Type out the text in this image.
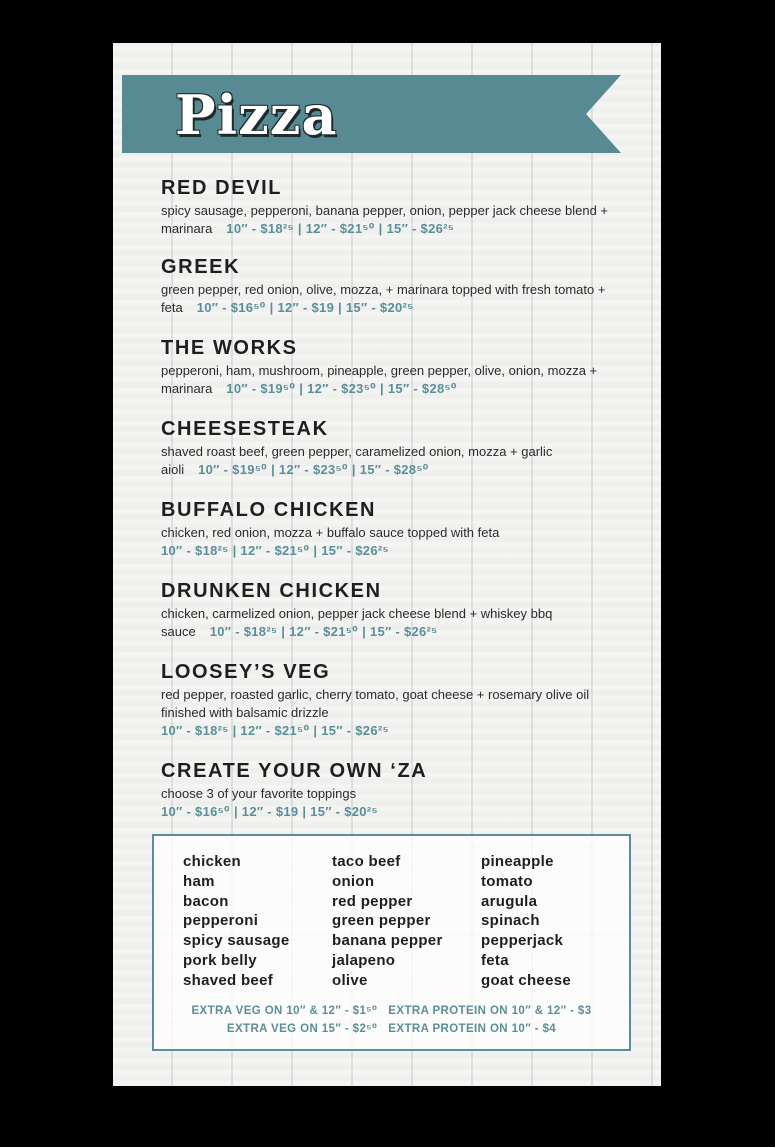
Pizza
RED DEVIL
spicy sausage, pepperoni, banana pepper, onion, pepper jack cheese blend + marinara 10″ - $18²⁵ | 12″ - $21⁵⁰ | 15″ - $26²⁵
GREEK
green pepper, red onion, olive, mozza, + marinara topped with fresh tomato + feta 10″ - $16⁵⁰ | 12″ - $19 | 15″ - $20²⁵
THE WORKS
pepperoni, ham, mushroom, pineapple, green pepper, olive, onion, mozza + marinara 10″ - $19⁵⁰ | 12″ - $23⁵⁰ | 15″ - $28⁵⁰
CHEESESTEAK
shaved roast beef, green pepper, caramelized onion, mozza + garlic aioli 10″ - $19⁵⁰ | 12″ - $23⁵⁰ | 15″ - $28⁵⁰
BUFFALO CHICKEN
chicken, red onion, mozza + buffalo sauce topped with feta
10″ - $18²⁵ | 12″ - $21⁵⁰ | 15″ - $26²⁵
DRUNKEN CHICKEN
chicken, carmelized onion, pepper jack cheese blend + whiskey bbq sauce 10″ - $18²⁵ | 12″ - $21⁵⁰ | 15″ - $26²⁵
LOOSEY’S VEG
red pepper, roasted garlic, cherry tomato, goat cheese + rosemary olive oil finished with balsamic drizzle
10″ - $18²⁵ | 12″ - $21⁵⁰ | 15″ - $26²⁵
CREATE YOUR OWN ‘ZA
choose 3 of your favorite toppings
10″ - $16⁵⁰ | 12″ - $19 | 15″ - $20²⁵
chicken
ham
bacon
pepperoni
spicy sausage
pork belly
shaved beef
taco beef
onion
red pepper
green pepper
banana pepper
jalapeno
olive
pineapple
tomato
arugula
spinach
pepperjack
feta
goat cheese
EXTRA VEG ON 10″ & 12″ - $1⁵⁰ EXTRA PROTEIN ON 10″ & 12″ - $3
EXTRA VEG ON 15″ - $2⁵⁰ EXTRA PROTEIN ON 10″ - $4
